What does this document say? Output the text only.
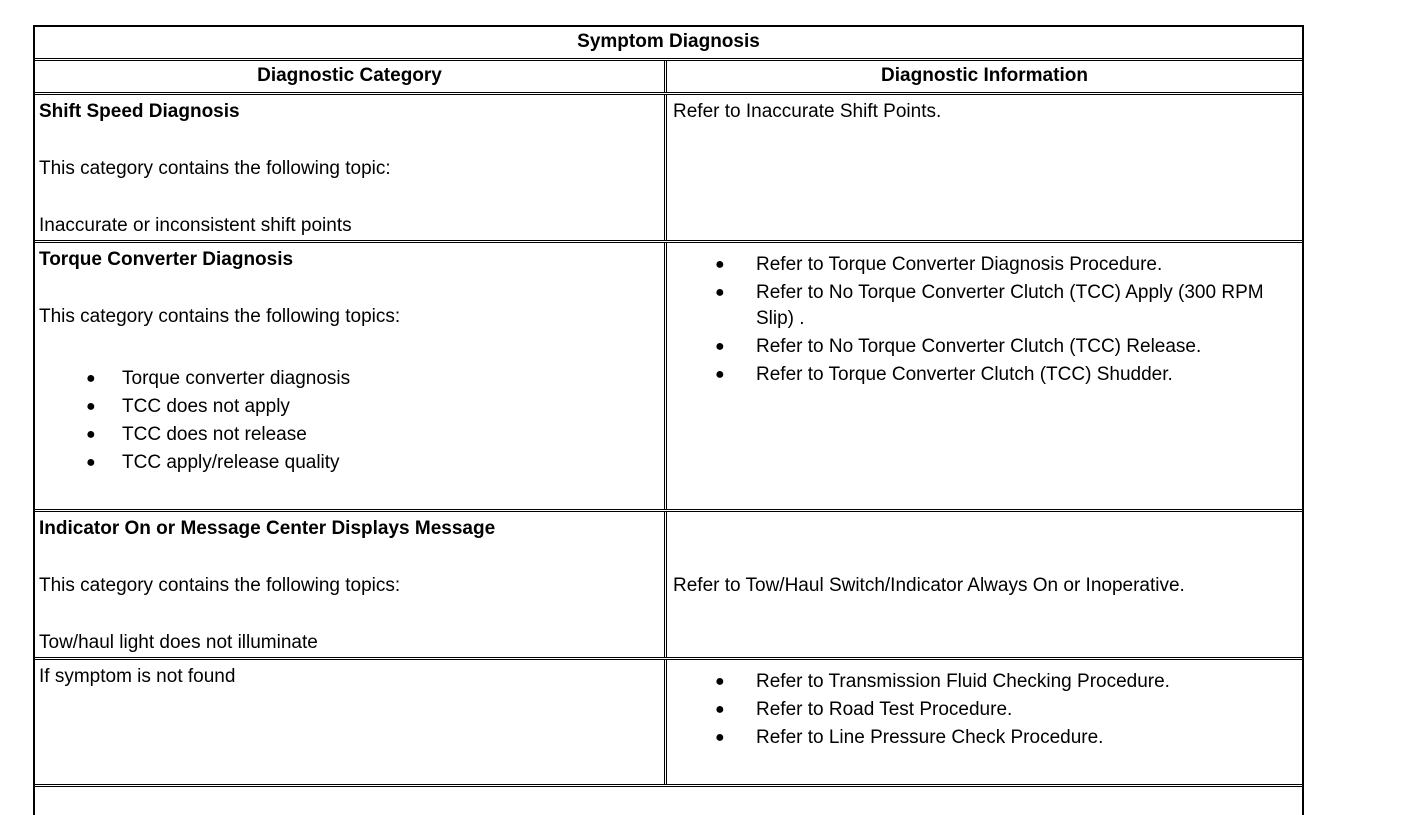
Symptom Diagnosis
Diagnostic Category	Diagnostic Information

Shift Speed Diagnosis

This category contains the following topic:

Inaccurate or inconsistent shift points

Refer to Inaccurate Shift Points.

Torque Converter Diagnosis

This category contains the following topics:

● Torque converter diagnosis
● TCC does not apply
● TCC does not release
● TCC apply/release quality
● Refer to Torque Converter Diagnosis Procedure.
● Refer to No Torque Converter Clutch (TCC) Apply (300 RPM Slip) .
● Refer to No Torque Converter Clutch (TCC) Release.
● Refer to Torque Converter Clutch (TCC) Shudder.

Indicator On or Message Center Displays Message

This category contains the following topics:

Tow/haul light does not illuminate

Refer to Tow/Haul Switch/Indicator Always On or Inoperative.

If symptom is not found	● Refer to Transmission Fluid Checking Procedure.
● Refer to Road Test Procedure.
● Refer to Line Pressure Check Procedure.
